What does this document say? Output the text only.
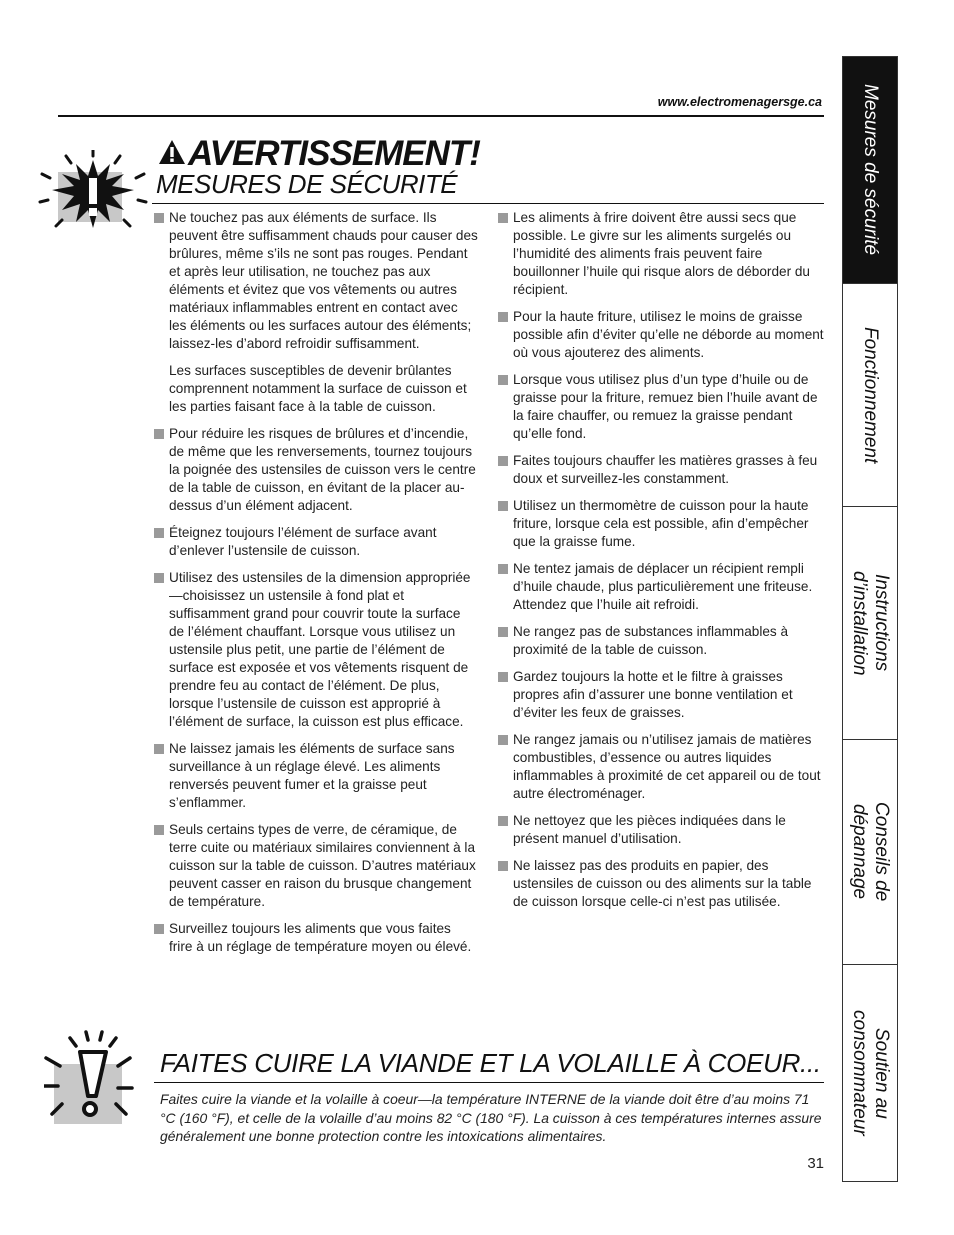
www.electromenagersge.ca
AVERTISSEMENT!
MESURES DE SÉCURITÉ
Ne touchez pas aux éléments de surface. Ils peuvent être suffisamment chauds pour causer des brûlures, même s’ils ne sont pas rouges. Pendant et après leur utilisation, ne touchez pas aux éléments et évitez que vos vêtements ou autres matériaux inflammables entrent en contact avec les éléments ou les surfaces autour des éléments; laissez-les d’abord refroidir suffisamment.

Les surfaces susceptibles de devenir brûlantes comprennent notamment la surface de cuisson et les parties faisant face à la table de cuisson.

Pour réduire les risques de brûlures et d’incendie, de même que les renversements, tournez toujours la poignée des ustensiles de cuisson vers le centre de la table de cuisson, en évitant de la placer au-dessus d’un élément adjacent.
Éteignez toujours l’élément de surface avant d’enlever l’ustensile de cuisson.
Utilisez des ustensiles de la dimension appropriée—choisissez un ustensile à fond plat et suffisamment grand pour couvrir toute la surface de l’élément chauffant. Lorsque vous utilisez un ustensile plus petit, une partie de l’élément de surface est exposée et vos vêtements risquent de prendre feu au contact de l’élément. De plus, lorsque l’ustensile de cuisson est approprié à l’élément de surface, la cuisson est plus efficace.
Ne laissez jamais les éléments de surface sans surveillance à un réglage élevé. Les aliments renversés peuvent fumer et la graisse peut s’enflammer.
Seuls certains types de verre, de céramique, de terre cuite ou matériaux similaires conviennent à la cuisson sur la table de cuisson. D’autres matériaux peuvent casser en raison du brusque changement de température.
Surveillez toujours les aliments que vous faites frire à un réglage de température moyen ou élevé.
Les aliments à frire doivent être aussi secs que possible. Le givre sur les aliments surgelés ou l’humidité des aliments frais peuvent faire bouillonner l’huile qui risque alors de déborder du récipient.
Pour la haute friture, utilisez le moins de graisse possible afin d’éviter qu’elle ne déborde au moment où vous ajouterez des aliments.
Lorsque vous utilisez plus d’un type d’huile ou de graisse pour la friture, remuez bien l’huile avant de la faire chauffer, ou remuez la graisse pendant qu’elle fond.
Faites toujours chauffer les matières grasses à feu doux et surveillez-les constamment.
Utilisez un thermomètre de cuisson pour la haute friture, lorsque cela est possible, afin d’empêcher que la graisse fume.
Ne tentez jamais de déplacer un récipient rempli d’huile chaude, plus particulièrement une friteuse. Attendez que l’huile ait refroidi.
Ne rangez pas de substances inflammables à proximité de la table de cuisson.
Gardez toujours la hotte et le filtre à graisses propres afin d’assurer une bonne ventilation et d’éviter les feux de graisses.
Ne rangez jamais ou n’utilisez jamais de matières combustibles, d’essence ou autres liquides inflammables à proximité de cet appareil ou de tout autre électroménager.
Ne nettoyez que les pièces indiquées dans le présent manuel d’utilisation.
Ne laissez pas des produits en papier, des ustensiles de cuisson ou des aliments sur la table de cuisson lorsque celle-ci n’est pas utilisée.
FAITES CUIRE LA VIANDE ET LA VOLAILLE À COEUR...
Faites cuire la viande et la volaille à coeur—la température INTERNE de la viande doit être d’au moins 71 °C (160 °F), et celle de la volaille d’au moins 82 °C (180 °F). La cuisson à ces températures internes assure généralement une bonne protection contre les intoxications alimentaires.
31
Mesures de sécurité
Fonctionnement
Instructions
d’installation
Conseils de
dépannage
Soutien au
consommateur
